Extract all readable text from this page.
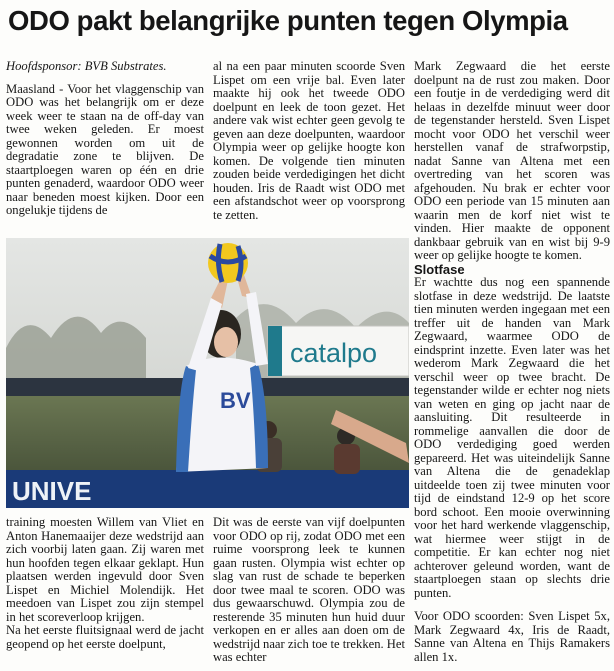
ODO pakt belangrijke punten tegen Olympia

Hoofdsponsor: BVB Substrates.

Maasland - Voor het vlaggenschip van ODO was het belangrijk om er deze week weer te staan na de off-day van twee weken geleden. Er moest gewonnen worden om uit de degradatie zone te blijven. De staartploegen waren op één en drie punten genaderd, waardoor ODO weer naar beneden moest kijken. Door een ongelukje tijdens de

al na een paar minuten scoorde Sven Lispet om een vrije bal. Even later maakte hij ook het tweede ODO doelpunt en leek de toon gezet. Het andere vak wist echter geen gevolg te geven aan deze doelpunten, waardoor Olympia weer op gelijke hoogte kon komen. De volgende tien minuten zouden beide verdedigingen het dicht houden. Iris de Raadt wist ODO met een afstandschot weer op voorsprong te zetten.

Mark Zegwaard die het eerste doelpunt na de rust zou maken. Door een foutje in de verdediging werd dit helaas in dezelfde minuut weer door de tegenstander hersteld. Sven Lispet mocht voor ODO het verschil weer herstellen vanaf de strafworpstip, nadat Sanne van Altena met een overtreding van het scoren was afgehouden. Nu brak er echter voor ODO een periode van 15 minuten aan waarin men de korf niet wist te vinden. Hier maakte de opponent dankbaar gebruik van en wist bij 9-9 weer op gelijke hoogte te komen.

Slotfase

Er wachtte dus nog een spannende slotfase in deze wedstrijd. De laatste tien minuten werden ingegaan met een treffer uit de handen van Mark Zegwaard, waarmee ODO de eindsprint inzette. Even later was het wederom Mark Zegwaard die het verschil weer op twee bracht. De tegenstander wilde er echter nog niets van weten en ging op jacht naar de aansluiting. Dit resulteerde in rommelige aanvallen die door de ODO verdediging goed werden gepareerd. Het was uiteindelijk Sanne van Altena die de genadeklap uitdeelde toen zij twee minuten voor tijd de eindstand 12-9 op het score bord schoot. Een mooie overwinning voor het hard werkende vlaggenschip, wat hiermee weer stijgt in de competitie. Er kan echter nog niet achterover geleund worden, want de staartploegen staan op slechts drie punten.

Voor ODO scoorden: Sven Lispet 5x, Mark Zegwaard 4x, Iris de Raadt, Sanne van Altena en Thijs Ramakers allen 1x.

catalpo
UNIVE
BV

training moesten Willem van Vliet en Anton Hanemaaijer deze wedstrijd aan zich voorbij laten gaan. Zij waren met hun hoofden tegen elkaar geklapt. Hun plaatsen werden ingevuld door Sven Lispet en Michiel Molendijk. Het meedoen van Lispet zou zijn stempel in het scoreverloop krijgen.

Na het eerste fluitsignaal werd de jacht geopend op het eerste doelpunt,

Dit was de eerste van vijf doelpunten voor ODO op rij, zodat ODO met een ruime voorsprong leek te kunnen gaan rusten. Olympia wist echter op slag van rust de schade te beperken door twee maal te scoren. ODO was dus gewaarschuwd. Olympia zou de resterende 35 minuten hun huid duur verkopen en er alles aan doen om de wedstrijd naar zich toe te trekken. Het was echter
